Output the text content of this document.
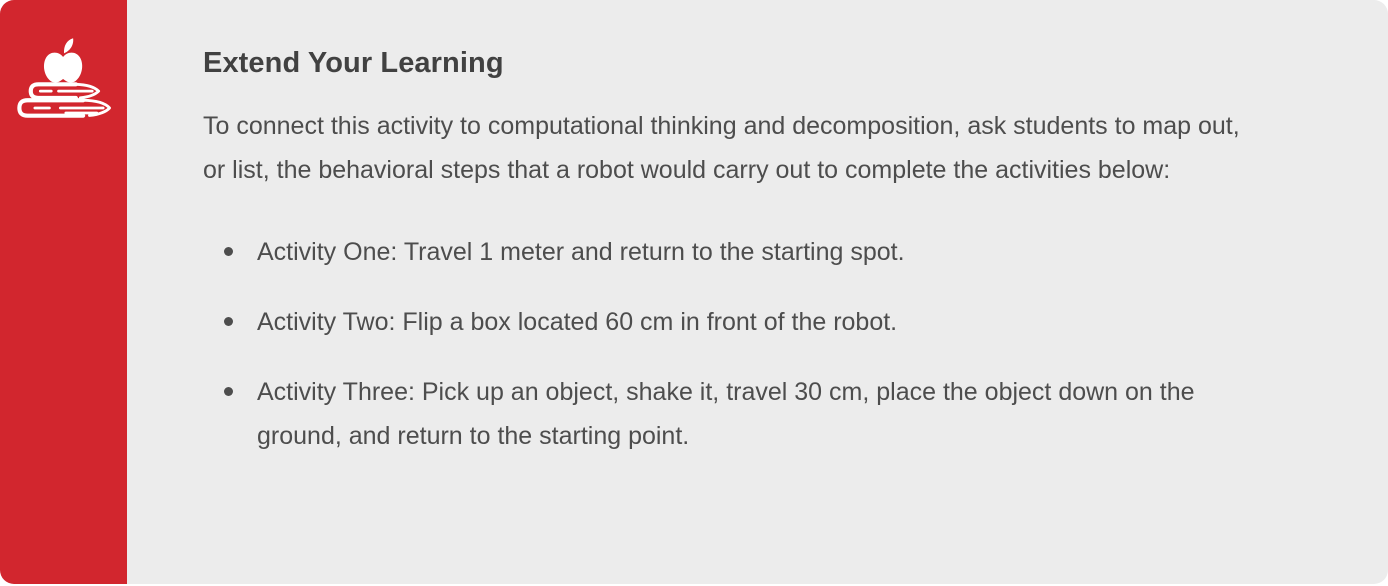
Extend Your Learning

To connect this activity to computational thinking and decomposition, ask students to map out, or list, the behavioral steps that a robot would carry out to complete the activities below:

Activity One: Travel 1 meter and return to the starting spot.
Activity Two: Flip a box located 60 cm in front of the robot.
Activity Three: Pick up an object, shake it, travel 30 cm, place the object down on the ground, and return to the starting point.
